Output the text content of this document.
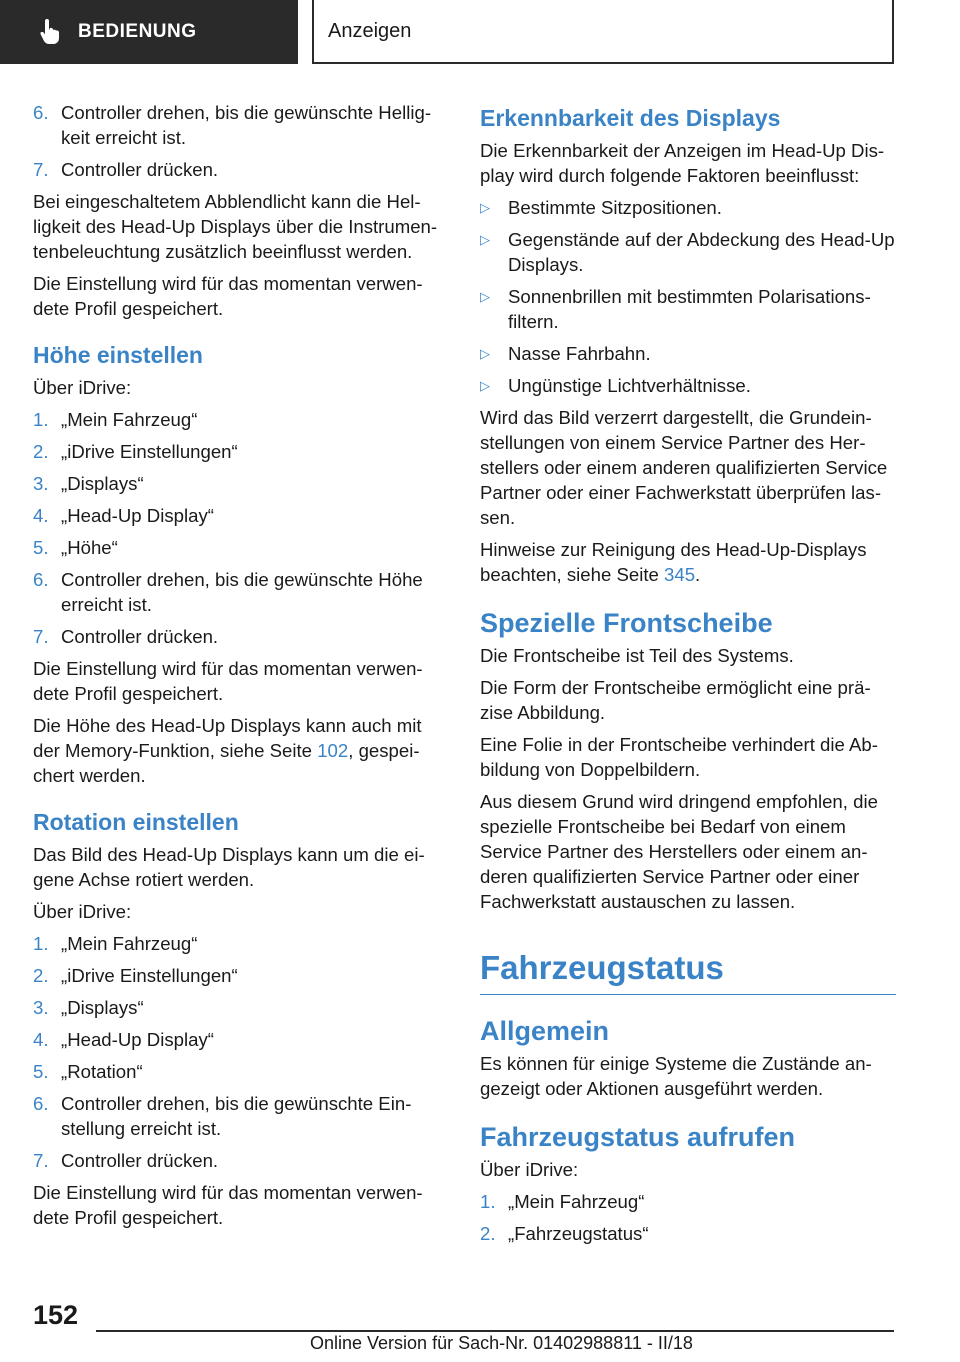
BEDIENUNG	Anzeigen
6. Controller drehen, bis die gewünschte Helligkeit erreicht ist.
7. Controller drücken.

Bei eingeschaltetem Abblendlicht kann die Helligkeit des Head-Up Displays über die Instrumentenbeleuchtung zusätzlich beeinflusst werden.

Die Einstellung wird für das momentan verwendete Profil gespeichert.

Höhe einstellen

Über iDrive:

1. „Mein Fahrzeug“
2. „iDrive Einstellungen“
3. „Displays“
4. „Head-Up Display“
5. „Höhe“
6. Controller drehen, bis die gewünschte Höhe erreicht ist.
7. Controller drücken.

Die Einstellung wird für das momentan verwendete Profil gespeichert.

Die Höhe des Head-Up Displays kann auch mit der Memory-Funktion, siehe Seite 102, gespeichert werden.

Rotation einstellen

Das Bild des Head-Up Displays kann um die eigene Achse rotiert werden.

Über iDrive:

1. „Mein Fahrzeug“
2. „iDrive Einstellungen“
3. „Displays“
4. „Head-Up Display“
5. „Rotation“
6. Controller drehen, bis die gewünschte Einstellung erreicht ist.
7. Controller drücken.

Die Einstellung wird für das momentan verwendete Profil gespeichert.

Erkennbarkeit des Displays

Die Erkennbarkeit der Anzeigen im Head-Up Display wird durch folgende Faktoren beeinflusst:

▷ Bestimmte Sitzpositionen.
▷ Gegenstände auf der Abdeckung des Head-Up Displays.
▷ Sonnenbrillen mit bestimmten Polarisationsfiltern.
▷ Nasse Fahrbahn.
▷ Ungünstige Lichtverhältnisse.

Wird das Bild verzerrt dargestellt, die Grundeinstellungen von einem Service Partner des Herstellers oder einem anderen qualifizierten Service Partner oder einer Fachwerkstatt überprüfen lassen.

Hinweise zur Reinigung des Head-Up-Displays beachten, siehe Seite 345.

Spezielle Frontscheibe

Die Frontscheibe ist Teil des Systems.

Die Form der Frontscheibe ermöglicht eine präzise Abbildung.

Eine Folie in der Frontscheibe verhindert die Abbildung von Doppelbildern.

Aus diesem Grund wird dringend empfohlen, die spezielle Frontscheibe bei Bedarf von einem Service Partner des Herstellers oder einem anderen qualifizierten Service Partner oder einer Fachwerkstatt austauschen zu lassen.

Fahrzeugstatus
Allgemein

Es können für einige Systeme die Zustände angezeigt oder Aktionen ausgeführt werden.

Fahrzeugstatus aufrufen

Über iDrive:

1. „Mein Fahrzeug“
2. „Fahrzeugstatus“
152
Online Version für Sach-Nr. 01402988811 - II/18
